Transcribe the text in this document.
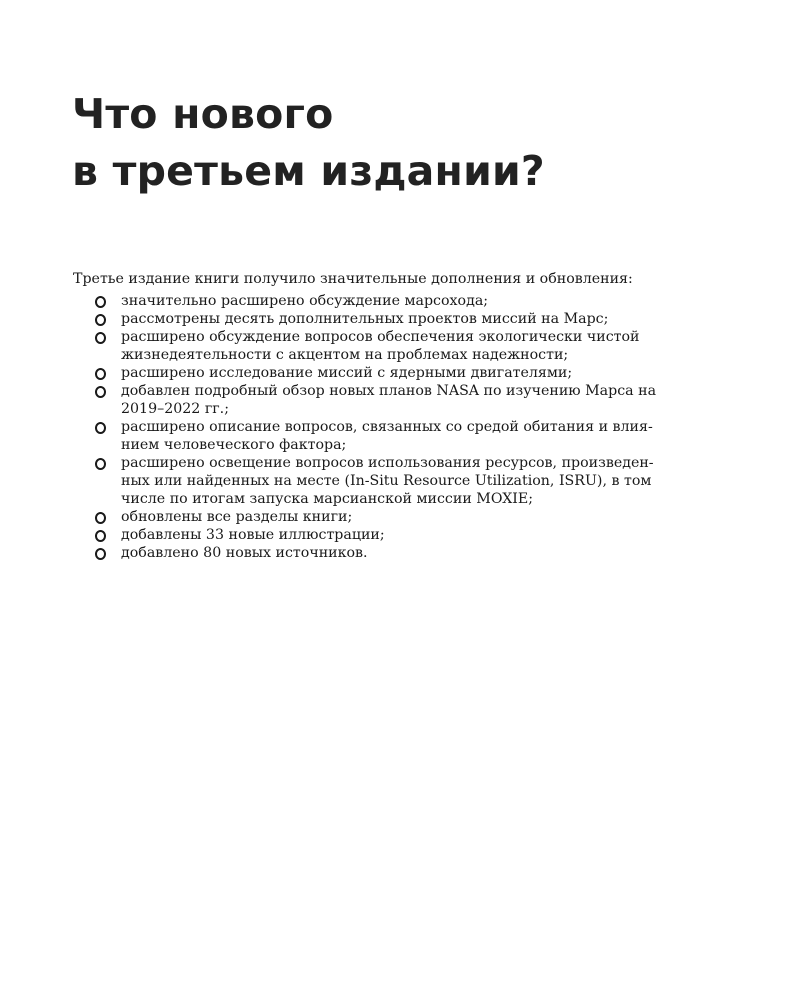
Что нового
в третьем издании?

Третье издание книги получило значительные дополнения и обновления:

значительно расширено обсуждение марсохода;
рассмотрены десять дополнительных проектов миссий на Марс;
расширено обсуждение вопросов обеспечения экологически чистой
жизнедеятельности с акцентом на проблемах надежности;
расширено исследование миссий с ядерными двигателями;
добавлен подробный обзор новых планов NASA по изучению Марса на
2019–2022 гг.;
расширено описание вопросов, связанных со средой обитания и влия-
нием человеческого фактора;
расширено освещение вопросов использования ресурсов, произведен-
ных или найденных на месте (In-Situ Resource Utilization, ISRU), в том
числе по итогам запуска марсианской миссии MOXIE;
обновлены все разделы книги;
добавлены 33 новые иллюстрации;
добавлено 80 новых источников.
